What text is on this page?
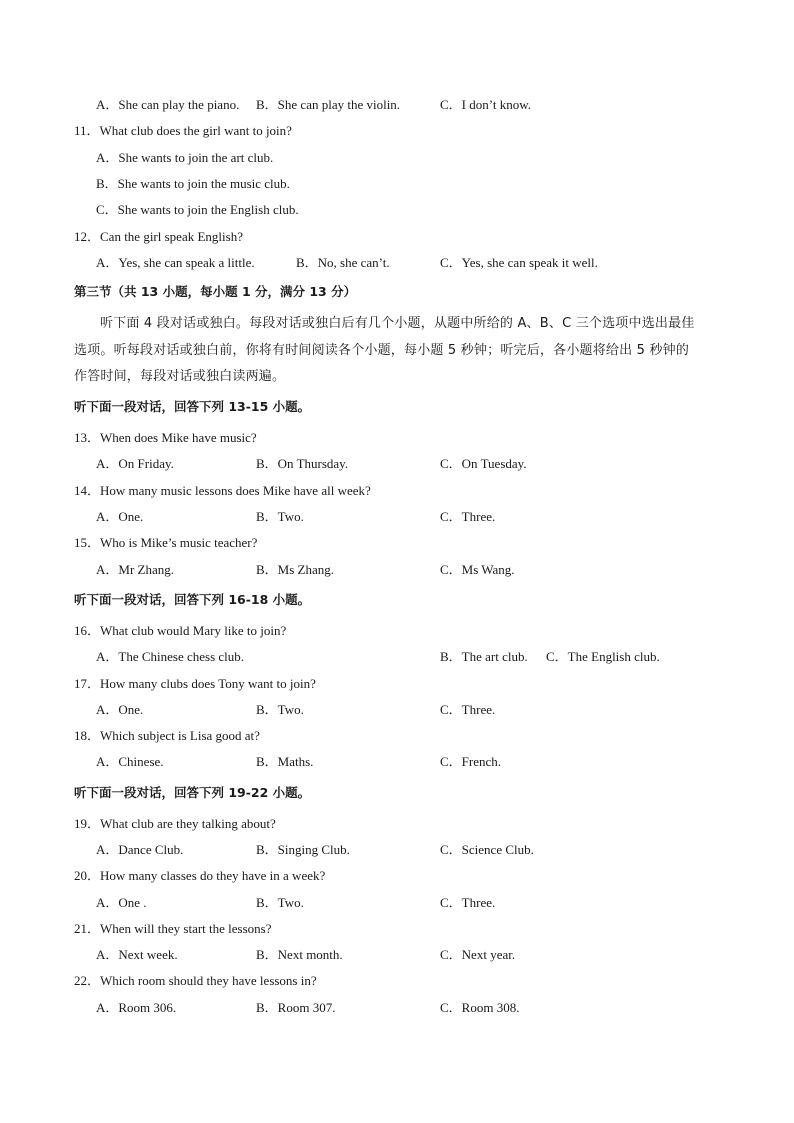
A．She can play the piano. B．She can play the violin.	C．I don’t know.
11．What club does the girl want to join?
A．She wants to join the art club.
B．She wants to join the music club.
C．She wants to join the English club.
12．Can the girl speak English?
A．Yes, she can speak a little.	B．No, she can’t.	C．Yes, she can speak it well.
第三节（共 13 小题，每小题 1 分，满分 13 分）
听下面 4 段对话或独白。每段对话或独白后有几个小题，从题中所给的 A、B、C 三个选项中选出最佳
选项。听每段对话或独白前，你将有时间阅读各个小题，每小题 5 秒钟；听完后，各小题将给出 5 秒钟的
作答时间，每段对话或独白读两遍。
听下面一段对话，回答下列 13-15 小题。
13．When does Mike have music?
A．On Friday.	B．On Thursday.	C．On Tuesday.
14．How many music lessons does Mike have all week?
A．One.	B．Two.	C．Three.
15．Who is Mike’s music teacher?
A．Mr Zhang.	B．Ms Zhang.	C．Ms Wang.
听下面一段对话，回答下列 16-18 小题。
16．What club would Mary like to join?
A．The Chinese chess club.	B．The art club. C．The English club.
17．How many clubs does Tony want to join?
A．One.	B．Two.	C．Three.
18．Which subject is Lisa good at?
A．Chinese.	B．Maths.	C．French.
听下面一段对话，回答下列 19-22 小题。
19．What club are they talking about?
A．Dance Club.	B．Singing Club.	C．Science Club.
20．How many classes do they have in a week?
A．One .	B．Two.	C．Three.
21．When will they start the lessons?
A．Next week.	B．Next month.	C．Next year.
22．Which room should they have lessons in?
A．Room 306.	B．Room 307.	C．Room 308.
